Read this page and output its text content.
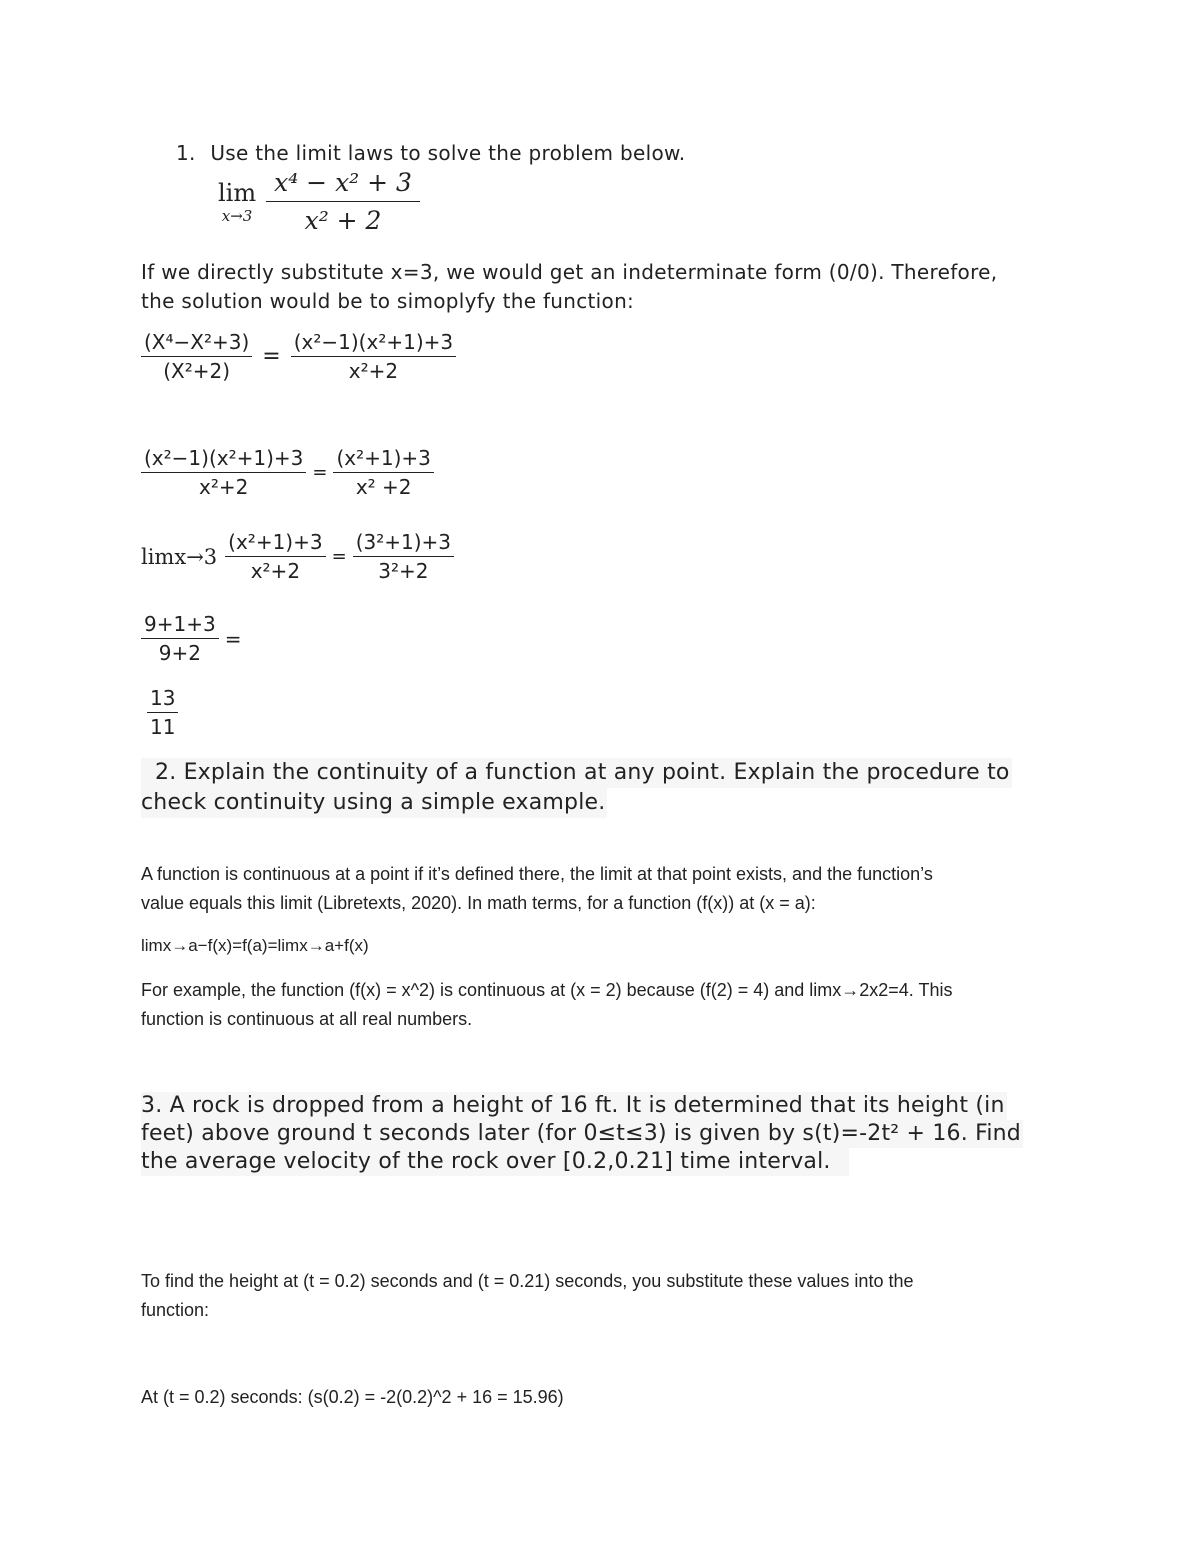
1. Use the limit laws to solve the problem below.
lim
$x\to 3 \frac{\text{x⁴ − x² + 3}}{\text{x² + 2}}$
If we directly substitute x=3, we would get an indeterminate form (0/0). Therefore,
the solution would be to simoplyfy the function:
$\frac{\text{(X⁴−X²+3)}}{\text{(X²+2)}} = \frac{\text{(x²−1)(x²+1)+3}}{\text{x²+2}}$
$\frac{\text{(x²−1)(x²+1)+3}}{\text{x²+2}} = \frac{\text{(x²+1)+3}}{\text{x² +2}}$
$\lim x\to 3 \frac{\text{(x²+1)+3}}{\text{x²+2}} = \frac{\text{(3²+1)+3}}{\text{3²+2}}$
$\frac{9+1+3}{9+2}$ =
$\frac{13}{11}$
2. Explain the continuity of a function at any point. Explain the procedure to
check continuity using a simple example.
A function is continuous at a point if it’s defined there, the limit at that point exists, and the function’s
value equals this limit (Libretexts, 2020). In math terms, for a function (f(x)) at (x = a):
limx→a−f(x)=f(a)=limx→a+f(x)
For example, the function (f(x) = x^2) is continuous at (x = 2) because (f(2) = 4) and limx→2x2=4. This
function is continuous at all real numbers.
3. A rock is dropped from a height of 16 ft. It is determined that its height (in
feet) above ground t seconds later (for 0≤t≤3) is given by s(t)=-2t² + 16. Find
the average velocity of the rock over [0.2,0.21] time interval.
To find the height at (t = 0.2) seconds and (t = 0.21) seconds, you substitute these values into the
function:
At (t = 0.2) seconds: (s(0.2) = -2(0.2)^2 + 16 = 15.96)
